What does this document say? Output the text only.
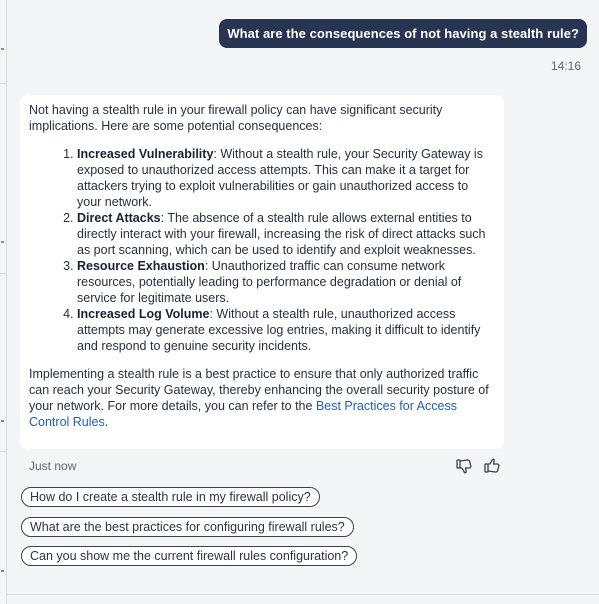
What are the consequences of not having a stealth rule?
14:16

Not having a stealth rule in your firewall policy can have significant security implications. Here are some potential consequences:

1. Increased Vulnerability: Without a stealth rule, your Security Gateway is exposed to unauthorized access attempts. This can make it a target for attackers trying to exploit vulnerabilities or gain unauthorized access to your network.
2. Direct Attacks: The absence of a stealth rule allows external entities to directly interact with your firewall, increasing the risk of direct attacks such as port scanning, which can be used to identify and exploit weaknesses.
3. Resource Exhaustion: Unauthorized traffic can consume network resources, potentially leading to performance degradation or denial of service for legitimate users.
4. Increased Log Volume: Without a stealth rule, unauthorized access attempts may generate excessive log entries, making it difficult to identify and respond to genuine security incidents.

Implementing a stealth rule is a best practice to ensure that only authorized traffic can reach your Security Gateway, thereby enhancing the overall security posture of your network. For more details, you can refer to the Best Practices for Access Control Rules.

Just now
How do I create a stealth rule in my firewall policy?
What are the best practices for configuring firewall rules?
Can you show me the current firewall rules configuration?
